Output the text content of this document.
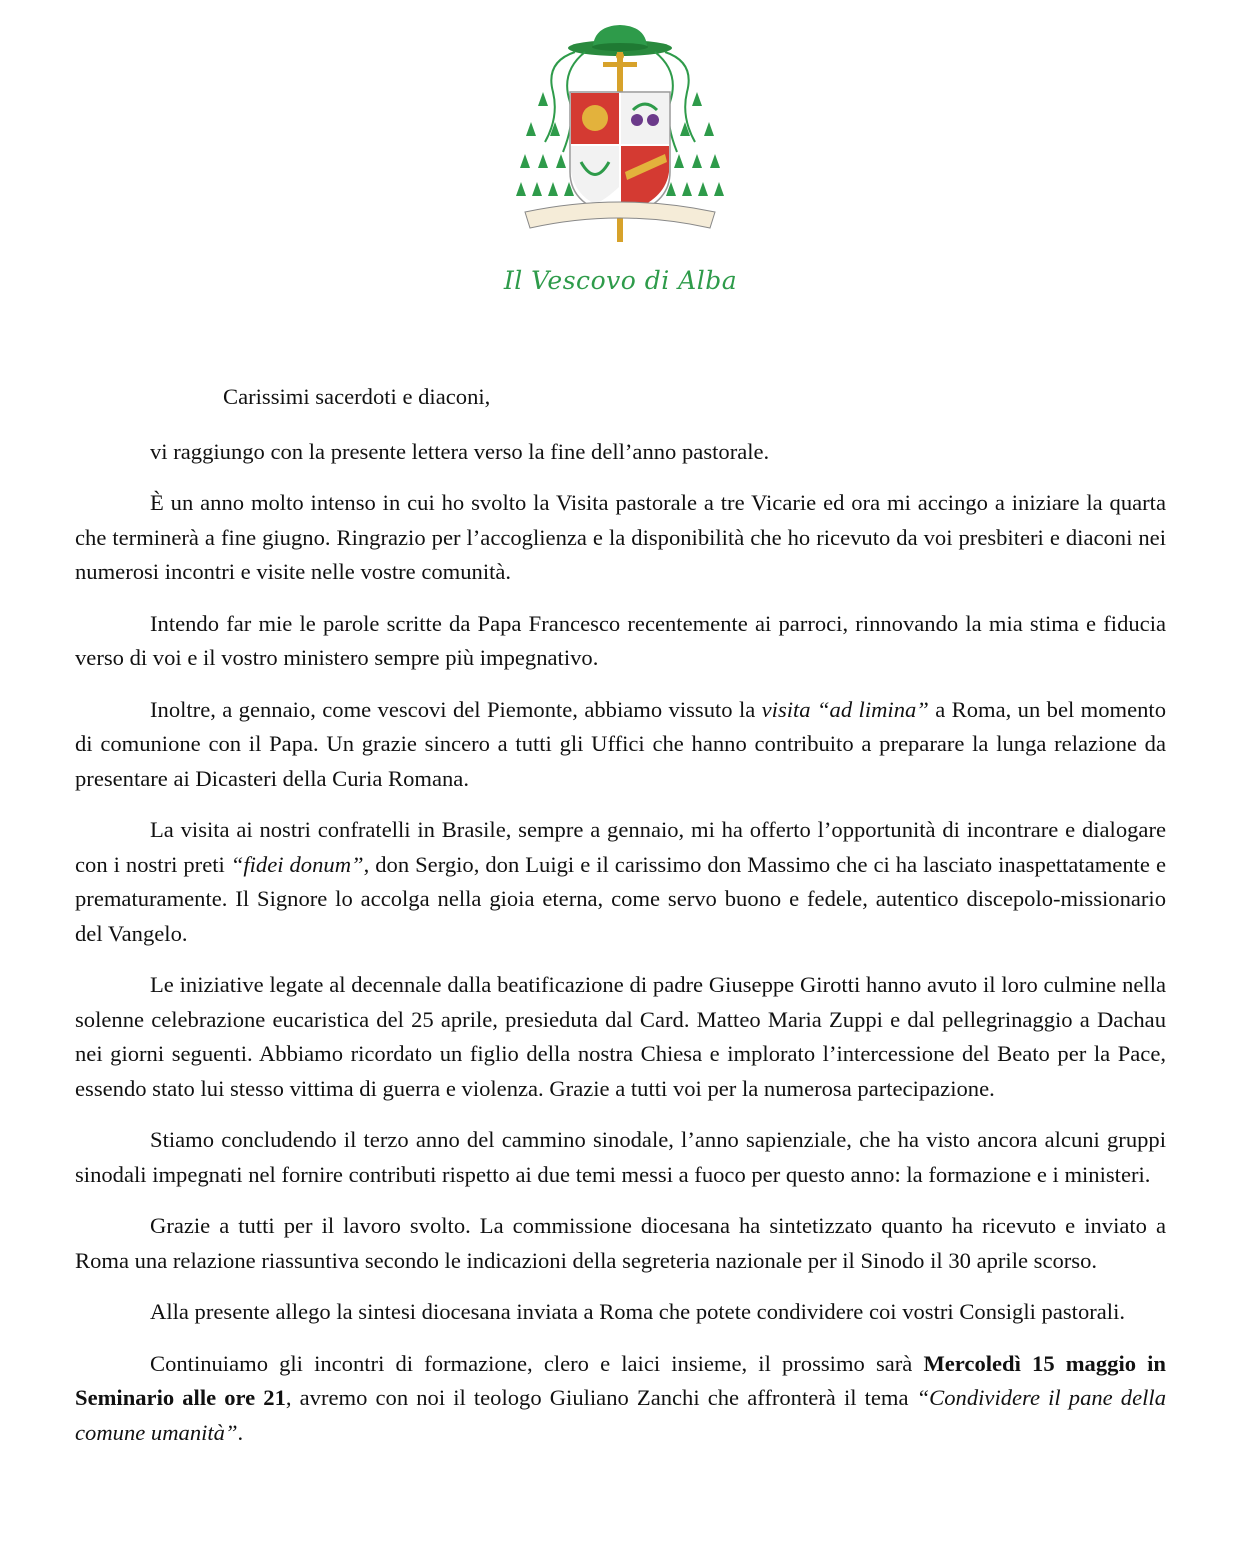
Il Vescovo di Alba

Carissimi sacerdoti e diaconi,

vi raggiungo con la presente lettera verso la fine dell’anno pastorale.

È un anno molto intenso in cui ho svolto la Visita pastorale a tre Vicarie ed ora mi accingo a iniziare la quarta che terminerà a fine giugno. Ringrazio per l’accoglienza e la disponibilità che ho ricevuto da voi presbiteri e diaconi nei numerosi incontri e visite nelle vostre comunità.

Intendo far mie le parole scritte da Papa Francesco recentemente ai parroci, rinnovando la mia stima e fiducia verso di voi e il vostro ministero sempre più impegnativo.

Inoltre, a gennaio, come vescovi del Piemonte, abbiamo vissuto la visita “ad limina” a Roma, un bel momento di comunione con il Papa. Un grazie sincero a tutti gli Uffici che hanno contribuito a preparare la lunga relazione da presentare ai Dicasteri della Curia Romana.

La visita ai nostri confratelli in Brasile, sempre a gennaio, mi ha offerto l’opportunità di incontrare e dialogare con i nostri preti “fidei donum”, don Sergio, don Luigi e il carissimo don Massimo che ci ha lasciato inaspettatamente e prematuramente. Il Signore lo accolga nella gioia eterna, come servo buono e fedele, autentico discepolo-missionario del Vangelo.

Le iniziative legate al decennale dalla beatificazione di padre Giuseppe Girotti hanno avuto il loro culmine nella solenne celebrazione eucaristica del 25 aprile, presieduta dal Card. Matteo Maria Zuppi e dal pellegrinaggio a Dachau nei giorni seguenti. Abbiamo ricordato un figlio della nostra Chiesa e implorato l’intercessione del Beato per la Pace, essendo stato lui stesso vittima di guerra e violenza. Grazie a tutti voi per la numerosa partecipazione.

Stiamo concludendo il terzo anno del cammino sinodale, l’anno sapienziale, che ha visto ancora alcuni gruppi sinodali impegnati nel fornire contributi rispetto ai due temi messi a fuoco per questo anno: la formazione e i ministeri.

Grazie a tutti per il lavoro svolto. La commissione diocesana ha sintetizzato quanto ha ricevuto e inviato a Roma una relazione riassuntiva secondo le indicazioni della segreteria nazionale per il Sinodo il 30 aprile scorso.

Alla presente allego la sintesi diocesana inviata a Roma che potete condividere coi vostri Consigli pastorali.

Continuiamo gli incontri di formazione, clero e laici insieme, il prossimo sarà Mercoledì 15 maggio in Seminario alle ore 21, avremo con noi il teologo Giuliano Zanchi che affronterà il tema “Condividere il pane della comune umanità”.
